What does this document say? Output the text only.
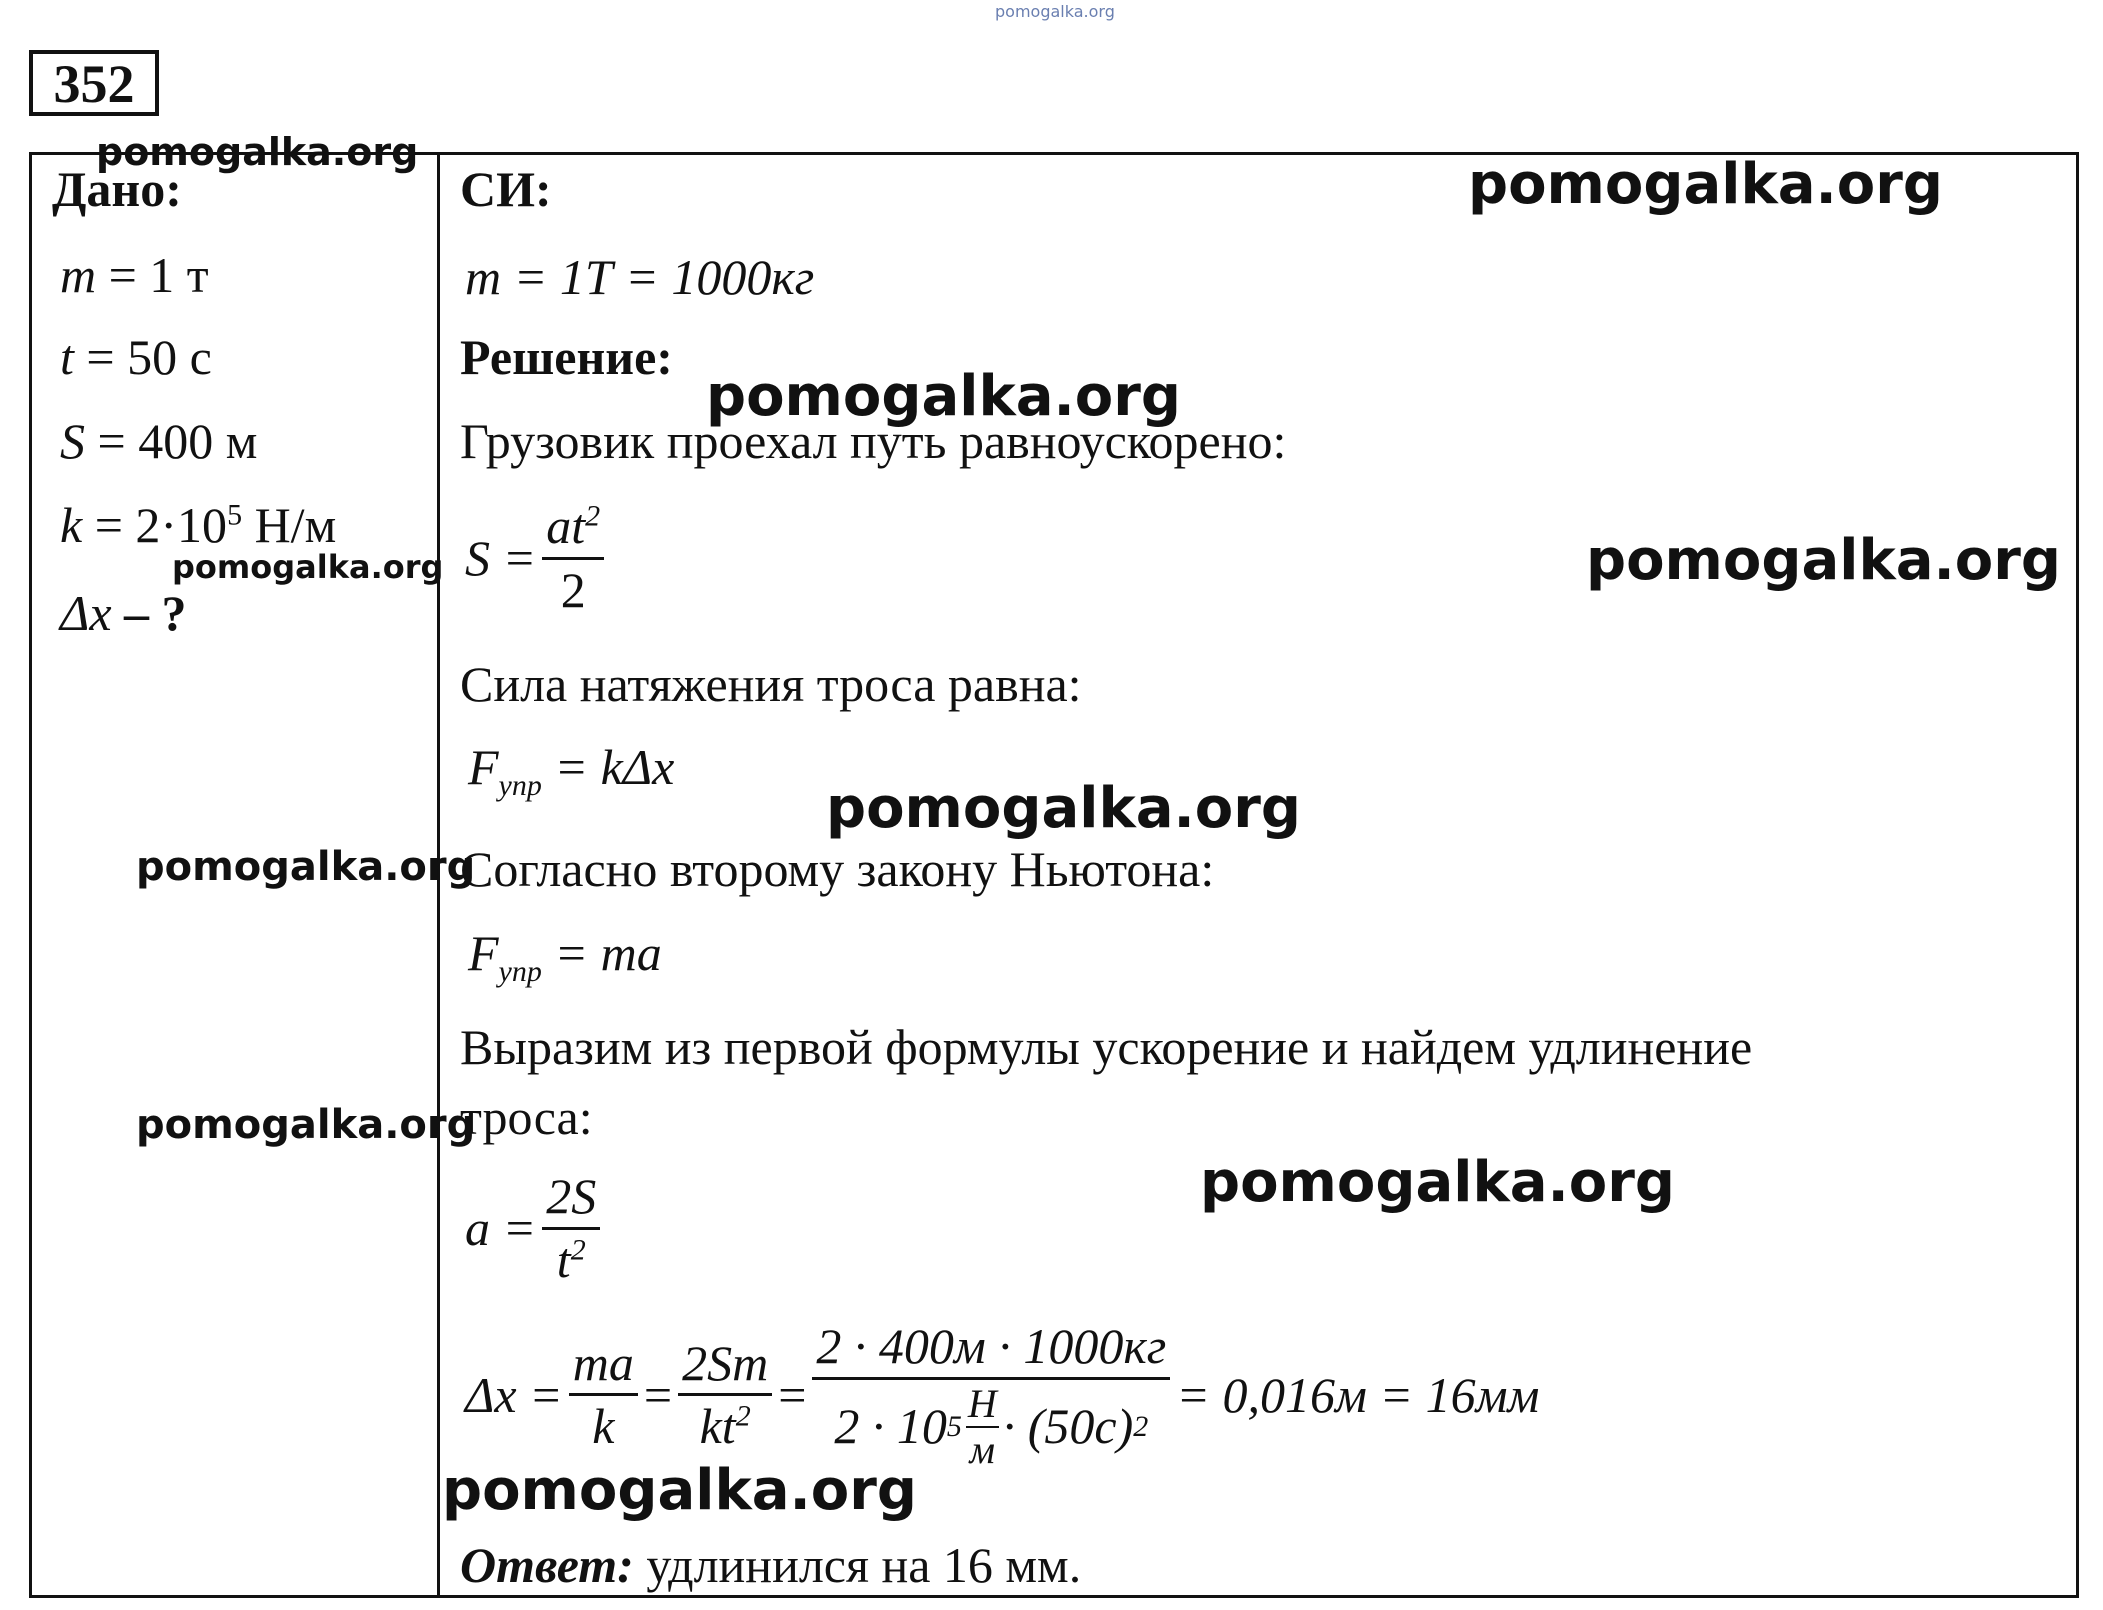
pomogalka.org
352
Дано:
m = 1 т
t = 50 с
S = 400 м
$k = 2\cdot 10^5$ Н/м
Δx – ?
СИ:
m = 1Т = 1000кг
Решение:
Грузовик проехал путь равноускорено:
$S = \frac{at^2}{2}$
Сила натяжения троса равна:
$F_{упр} = k\Delta x$
Согласно второму закону Ньютона:
$F_{упр}$ = ma
Выразим из первой формулы ускорение и найдем удлинение
троса:
$a = \frac{2S}{t^2}$
$\Delta x = \frac{ma}{k} = \frac{2Sm}{kt^2} = \frac{2 \cdot 400м \cdot 1000кг}{2 \cdot 10 5 \frac{Н}{м} \cdot (50с) 2} = 0,016м = 16мм$
Ответ: удлинился на 16 мм.
pomogalka.org	pomogalka.org
pomogalka.org
pomogalka.org	pomogalka.org
pomogalka.org
pomogalka.org
pomogalka.org
pomogalka.org
pomogalka.org
